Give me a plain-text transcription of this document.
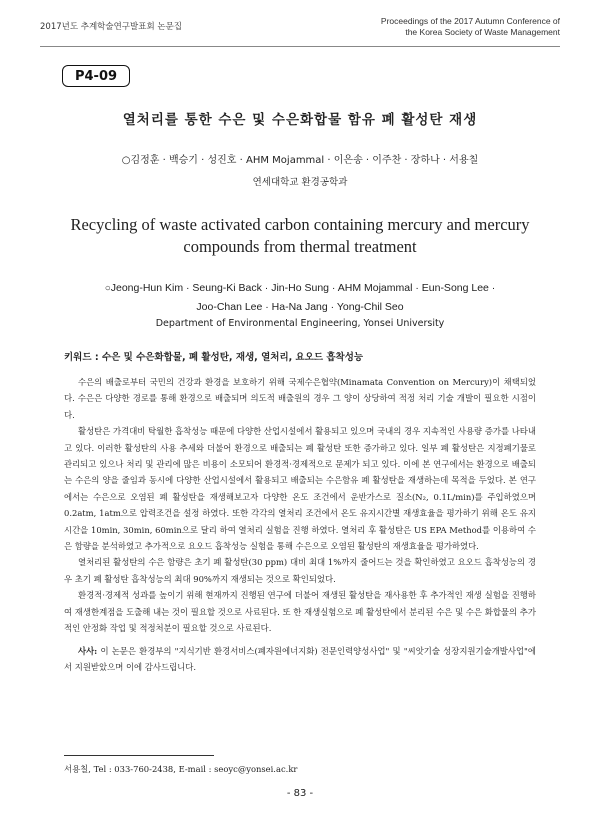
2017년도 추계학술연구발표회 논문집
Proceedings of the 2017 Autumn Conference of
the Korea Society of Waste Management
P4-09
열처리를 통한 수은 및 수은화합물 함유 폐 활성탄 재생
○김정훈 · 백승기 · 성진호 · AHM Mojammal · 이은송 · 이주찬 · 장하나 · 서용칠
연세대학교 환경공학과
Recycling of waste activated carbon containing mercury and mercury
compounds from thermal treatment
○Jeong-Hun Kim · Seung-Ki Back · Jin-Ho Sung · AHM Mojammal · Eun-Song Lee ·
Joo-Chan Lee · Ha-Na Jang · Yong-Chil Seo
Department of Environmental Engineering, Yonsei University
키워드 : 수은 및 수은화합물, 폐 활성탄, 재생, 열처리, 요오드 흡착성능

수은의 배출로부터 국민의 건강과 환경을 보호하기 위해 국제수은협약(Minamata Convention on Mercury)이 채택되었다. 수은은 다양한 경로를 통해 환경으로 배출되며 의도적 배출원의 경우 그 양이 상당하여 적정 처리 기술 개발이 필요한 시점이다.

활성탄은 가격대비 탁월한 흡착성능 때문에 다양한 산업시설에서 활용되고 있으며 국내의 경우 지속적인 사용량 증가를 나타내고 있다. 이러한 활성탄의 사용 추세와 더불어 환경으로 배출되는 폐 활성탄 또한 증가하고 있다. 일부 폐 활성탄은 지정폐기물로 관리되고 있으나 처리 및 관리에 많은 비용이 소모되어 환경적·경제적으로 문제가 되고 있다. 이에 본 연구에서는 환경으로 배출되는 수은의 양을 줄임과 동시에 다양한 산업시설에서 활용되고 배출되는 수은함유 폐 활성탄을 재생하는데 목적을 두었다. 본 연구에서는 수은으로 오염된 폐 활성탄을 재생해보고자 다양한 온도 조건에서 운반가스로 질소(N₂, 0.1L/min)를 주입하였으며 0.2atm, 1atm으로 압력조건을 설정 하였다. 또한 각각의 열처리 조건에서 온도 유지시간별 재생효율을 평가하기 위해 온도 유지시간을 10min, 30min, 60min으로 달리 하여 열처리 실험을 진행 하였다. 열처리 후 활성탄은 US EPA Method를 이용하여 수은 함량을 분석하였고 추가적으로 요오드 흡착성능 실험을 통해 수은으로 오염된 활성탄의 재생효율을 평가하였다.

열처리된 활성탄의 수은 함량은 초기 폐 활성탄(30 ppm) 대비 최대 1%까지 줄어드는 것을 확인하였고 요오드 흡착성능의 경우 초기 폐 활성탄 흡착성능의 최대 90%까지 재생되는 것으로 확인되었다.

환경적·경제적 성과를 높이기 위해 현재까지 진행된 연구에 더불어 재생된 활성탄을 재사용한 후 추가적인 재생 실험을 진행하여 재생한계점을 도출해 내는 것이 필요할 것으로 사료된다. 또 한 재생실험으로 폐 활성탄에서 분리된 수은 및 수은 화합물의 추가적인 안정화 작업 및 적정처분이 필요할 것으로 사료된다.

사사: 이 논문은 환경부의 "지식기반 환경서비스(폐자원에너지화) 전문인력양성사업" 및 "씨앗기술 성장지원기술개발사업"에서 지원받았으며 이에 감사드립니다.

서용칠, Tel : 033-760-2438, E-mail : seoyc@yonsei.ac.kr
- 83 -
